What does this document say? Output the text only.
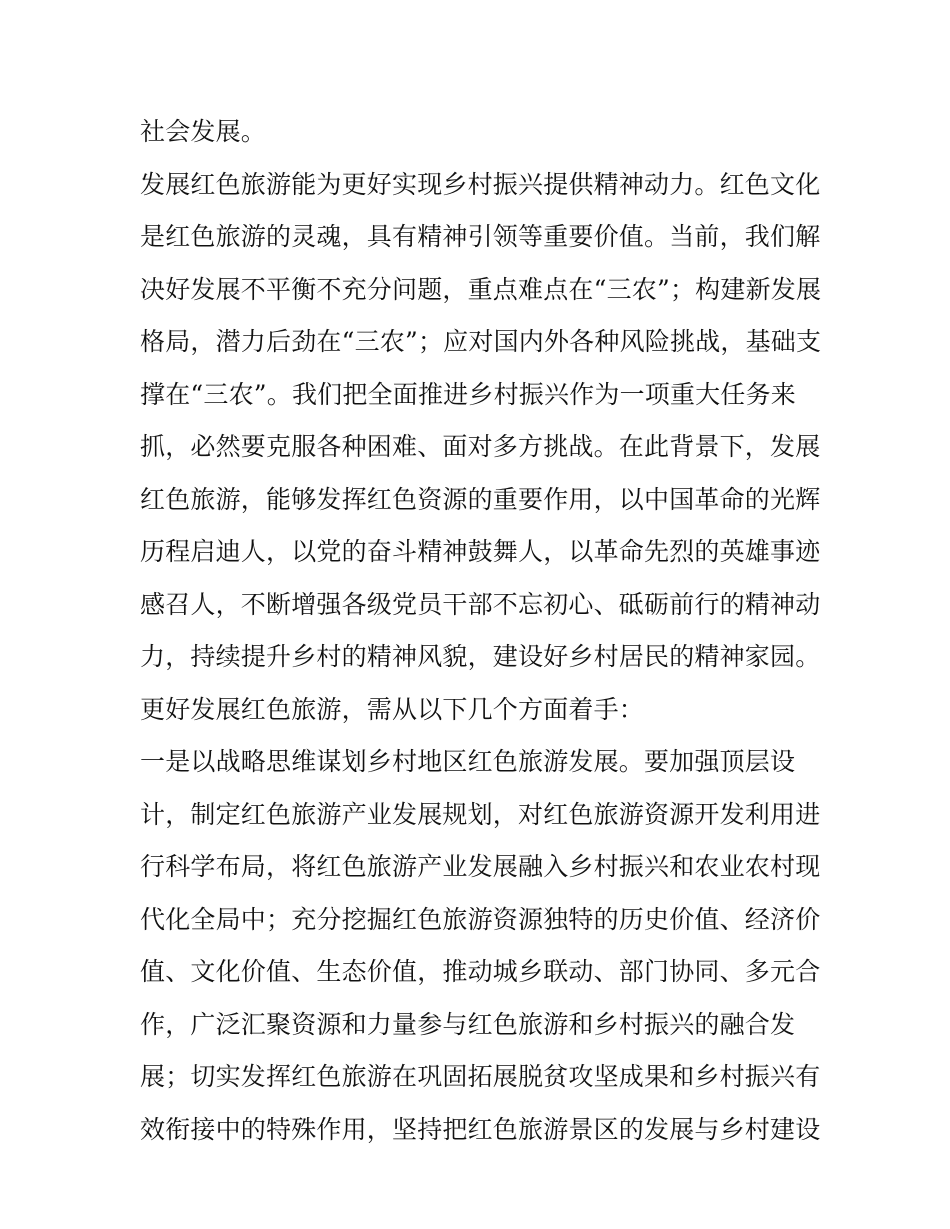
社会发展。
发展红色旅游能为更好实现乡村振兴提供精神动力。红色文化
是红色旅游的灵魂，具有精神引领等重要价值。当前，我们解
决好发展不平衡不充分问题，重点难点在“三农”；构建新发展
格局，潜力后劲在“三农”；应对国内外各种风险挑战，基础支
撑在“三农”。我们把全面推进乡村振兴作为一项重大任务来
抓，必然要克服各种困难、面对多方挑战。在此背景下，发展
红色旅游，能够发挥红色资源的重要作用，以中国革命的光辉
历程启迪人，以党的奋斗精神鼓舞人，以革命先烈的英雄事迹
感召人，不断增强各级党员干部不忘初心、砥砺前行的精神动
力，持续提升乡村的精神风貌，建设好乡村居民的精神家园。
更好发展红色旅游，需从以下几个方面着手：
一是以战略思维谋划乡村地区红色旅游发展。要加强顶层设
计，制定红色旅游产业发展规划，对红色旅游资源开发利用进
行科学布局，将红色旅游产业发展融入乡村振兴和农业农村现
代化全局中；充分挖掘红色旅游资源独特的历史价值、经济价
值、文化价值、生态价值，推动城乡联动、部门协同、多元合
作，广泛汇聚资源和力量参与红色旅游和乡村振兴的融合发
展；切实发挥红色旅游在巩固拓展脱贫攻坚成果和乡村振兴有
效衔接中的特殊作用，坚持把红色旅游景区的发展与乡村建设
